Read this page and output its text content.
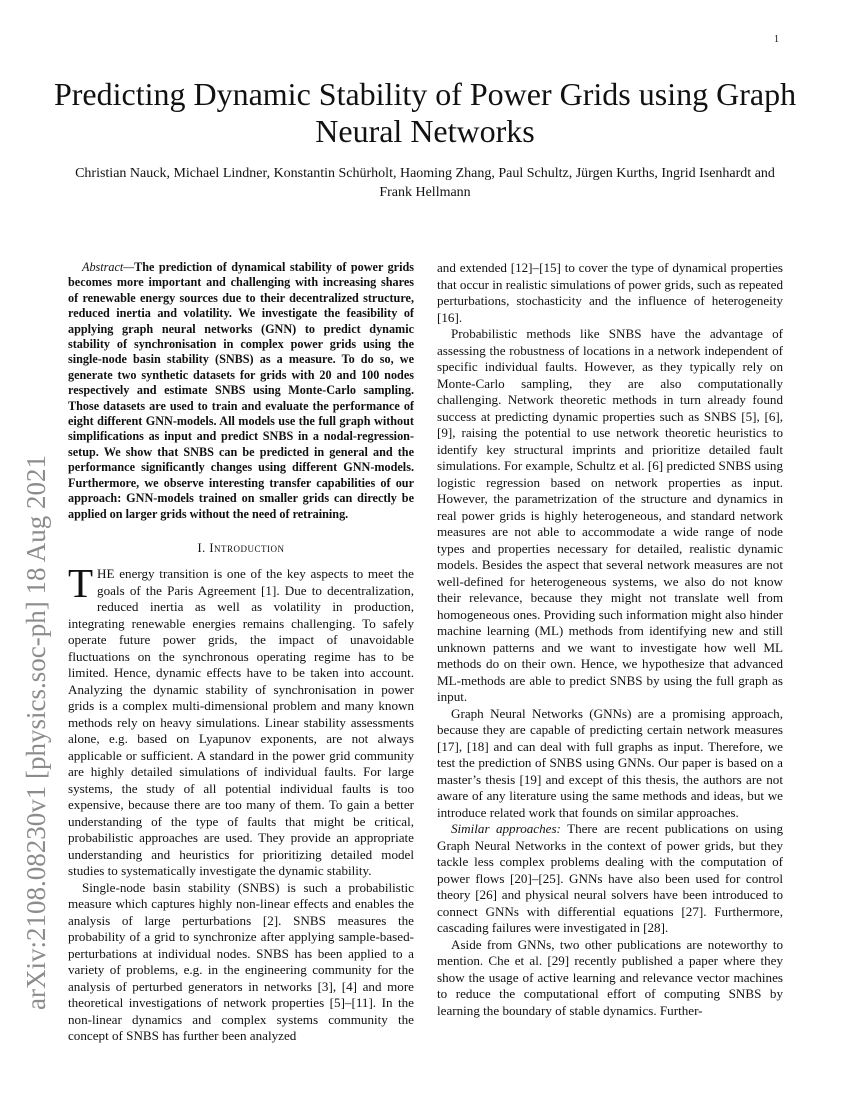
1
Predicting Dynamic Stability of Power Grids using Graph Neural Networks
Christian Nauck, Michael Lindner, Konstantin Schürholt, Haoming Zhang, Paul Schultz, Jürgen Kurths, Ingrid Isenhardt and Frank Hellmann
arXiv:2108.08230v1 [physics.soc-ph] 18 Aug 2021

Abstract—The prediction of dynamical stability of power grids becomes more important and challenging with increasing shares of renewable energy sources due to their decentralized structure, reduced inertia and volatility. We investigate the feasibility of applying graph neural networks (GNN) to predict dynamic stability of synchronisation in complex power grids using the single-node basin stability (SNBS) as a measure. To do so, we generate two synthetic datasets for grids with 20 and 100 nodes respectively and estimate SNBS using Monte-Carlo sampling. Those datasets are used to train and evaluate the performance of eight different GNN-models. All models use the full graph without simplifications as input and predict SNBS in a nodal-regression-setup. We show that SNBS can be predicted in general and the performance significantly changes using different GNN-models. Furthermore, we observe interesting transfer capabilities of our approach: GNN-models trained on smaller grids can directly be applied on larger grids without the need of retraining.

I. Introduction

THE energy transition is one of the key aspects to meet the goals of the Paris Agreement [1]. Due to decentralization, reduced inertia as well as volatility in production, integrating renewable energies remains challenging. To safely operate future power grids, the impact of unavoidable fluctuations on the synchronous operating regime has to be limited. Hence, dynamic effects have to be taken into account. Analyzing the dynamic stability of synchronisation in power grids is a complex multi-dimensional problem and many known methods rely on heavy simulations. Linear stability assessments alone, e.g. based on Lyapunov exponents, are not always applicable or sufficient. A standard in the power grid community are highly detailed simulations of individual faults. For large systems, the study of all potential individual faults is too expensive, because there are too many of them. To gain a better understanding of the type of faults that might be critical, probabilistic approaches are used. They provide an appropriate understanding and heuristics for prioritizing detailed model studies to systematically investigate the dynamic stability.

Single-node basin stability (SNBS) is such a probabilistic measure which captures highly non-linear effects and enables the analysis of large perturbations [2]. SNBS measures the probability of a grid to synchronize after applying sample-based-perturbations at individual nodes. SNBS has been applied to a variety of problems, e.g. in the engineering community for the analysis of perturbed generators in networks [3], [4] and more theoretical investigations of network properties [5]–[11]. In the non-linear dynamics and complex systems community the concept of SNBS has further been analyzed

and extended [12]–[15] to cover the type of dynamical properties that occur in realistic simulations of power grids, such as repeated perturbations, stochasticity and the influence of heterogeneity [16].

Probabilistic methods like SNBS have the advantage of assessing the robustness of locations in a network independent of specific individual faults. However, as they typically rely on Monte-Carlo sampling, they are also computationally challenging. Network theoretic methods in turn already found success at predicting dynamic properties such as SNBS [5], [6], [9], raising the potential to use network theoretic heuristics to identify key structural imprints and prioritize detailed fault simulations. For example, Schultz et al. [6] predicted SNBS using logistic regression based on network properties as input. However, the parametrization of the structure and dynamics in real power grids is highly heterogeneous, and standard network measures are not able to accommodate a wide range of node types and properties necessary for detailed, realistic dynamic models. Besides the aspect that several network measures are not well-defined for heterogeneous systems, we also do not know their relevance, because they might not translate well from homogeneous ones. Providing such information might also hinder machine learning (ML) methods from identifying new and still unknown patterns and we want to investigate how well ML methods do on their own. Hence, we hypothesize that advanced ML-methods are able to predict SNBS by using the full graph as input.

Graph Neural Networks (GNNs) are a promising approach, because they are capable of predicting certain network measures [17], [18] and can deal with full graphs as input. Therefore, we test the prediction of SNBS using GNNs. Our paper is based on a master’s thesis [19] and except of this thesis, the authors are not aware of any literature using the same methods and ideas, but we introduce related work that founds on similar approaches.

Similar approaches: There are recent publications on using Graph Neural Networks in the context of power grids, but they tackle less complex problems dealing with the computation of power flows [20]–[25]. GNNs have also been used for control theory [26] and physical neural solvers have been introduced to connect GNNs with differential equations [27]. Furthermore, cascading failures were investigated in [28].

Aside from GNNs, two other publications are noteworthy to mention. Che et al. [29] recently published a paper where they show the usage of active learning and relevance vector machines to reduce the computational effort of computing SNBS by learning the boundary of stable dynamics. Further-
